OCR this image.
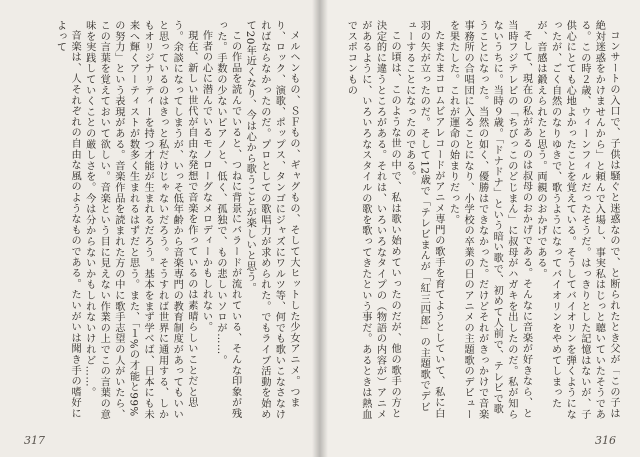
メルヘンもの、ＳＦもの、ギャグもの、そして大ヒットした少女アニメ。つまり、ロック、演歌、ポップス、タンゴにジャズにワルツ等、何でも歌いこなさなければならなかったのだ。プロとしての歌唱力が求められた。でもライブ活動を始めて20年近くなり、今は心から歌うことが楽しいと思う。

この作品を読んでいると、つねに背景にバラードが流れている、そんな印象が残った。手数の少ないピアノと、低く、孤独で、もの悲しいソロが……。

作者の心に潜んでいるモノローグなメロディーかもしれない。

現在、新しい世代が自由な発想で音楽を作っているのは素晴らしいことだと思う。余談になってしまうが、いっそ低年齢から音楽専門の教育制度があってもいいと思っているのはきっと私だけじゃないだろう。そうすれば世界に通用する、しかもオリジナリティーを持つ才能が生まれるだろう。基本をまず学べば、日本にも未来へ輝くアーティストが数多く生まれるはずだと思う。また、「１%の才能と99%の努力」という表現がある。音楽作品を読まれた方の中に歌手志望の人がいたら、この言葉を覚えておいて欲しい。音楽という目に見えない作業の上でこの言葉の意味を実践していくことの厳しさを。今は分からないかもしれないけれど……。

音楽は、人それぞれの自由な風のようなものである。たいがいは聞き手の嗜好によって

317

コンサートの入口で、子供は騒ぐと迷惑なので、と断られたとき父が「この子は絶対迷惑をかけませんから」と頼んで入場し、事実私はじっと聴いていたそうである。この時２歳、ウィーンフィルだったそうだ。はっきりとした記憶はないが、子供心にとても心地よかったことを覚えている。そうしてバイオリンを弾くようになったが、ごく自然のなりゆきで、歌うようになってバイオリンをやめてしまったが、音感は鍛えられたと思う。両親のおかげである。

そして、現在の私があるのは叔母のおかげである。そんなに音楽が好きなら、と当時フジテレビの「ちびっこのどじまん」に叔母がハガキを出したのだ。私が知らないうちに。当時９歳。「ドナドナ」という暗い歌で、初めて人前で、テレビで歌うことになった。当然の如く、優勝はできなかった。だけどそれがきっかけで音楽事務所の合唱団に入ることになり、小学校の卒業の日のアニメの主題歌のデビューを果たした。これが運命の始まりだった。

たまたまコロムビアレコードがアニメ専門の歌手を育てようとしていて、私に白羽の矢が立ったのだ。そして12歳で「テレビまんが「紅三四郎」の主題歌でデビューすることになったのである。

この頃は、このような世の中で、私は歌い始めていったのだが、他の歌手の方と決定的に違うところがある。それは、いろいろなタイプの（物語の内容が）アニメがあるように、いろいろなスタイルの歌を歌ってきたという事だ。あるときは熱血でスポコンもの

316
